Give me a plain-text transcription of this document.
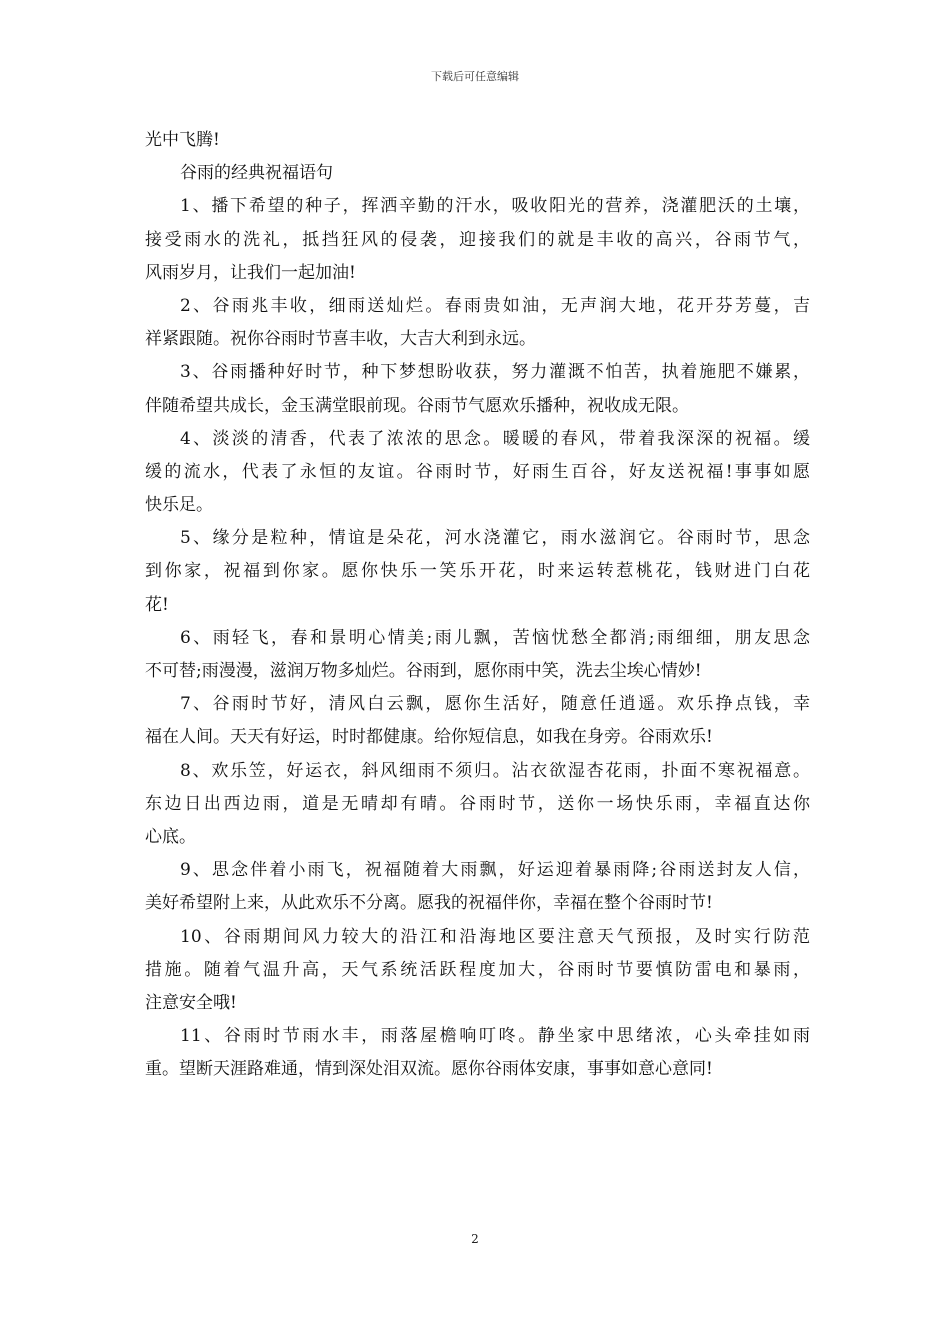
下载后可任意编辑
光中飞腾!
谷雨的经典祝福语句
1、播下希望的种子，挥洒辛勤的汗水，吸收阳光的营养，浇灌肥沃的土壤，
接受雨水的洗礼，抵挡狂风的侵袭，迎接我们的就是丰收的高兴，谷雨节气，
风雨岁月，让我们一起加油!
2、谷雨兆丰收，细雨送灿烂。春雨贵如油，无声润大地，花开芬芳蔓，吉
祥紧跟随。祝你谷雨时节喜丰收，大吉大利到永远。
3、谷雨播种好时节，种下梦想盼收获，努力灌溉不怕苦，执着施肥不嫌累，
伴随希望共成长，金玉满堂眼前现。谷雨节气愿欢乐播种，祝收成无限。
4、淡淡的清香，代表了浓浓的思念。暖暖的春风，带着我深深的祝福。缓
缓的流水，代表了永恒的友谊。谷雨时节，好雨生百谷，好友送祝福!事事如愿
快乐足。
5、缘分是粒种，情谊是朵花，河水浇灌它，雨水滋润它。谷雨时节，思念
到你家，祝福到你家。愿你快乐一笑乐开花，时来运转惹桃花，钱财进门白花
花!
6、雨轻飞，春和景明心情美;雨儿飘，苦恼忧愁全都消;雨细细，朋友思念
不可替;雨漫漫，滋润万物多灿烂。谷雨到，愿你雨中笑，洗去尘埃心情妙!
7、谷雨时节好，清风白云飘，愿你生活好，随意任逍遥。欢乐挣点钱，幸
福在人间。天天有好运，时时都健康。给你短信息，如我在身旁。谷雨欢乐!
8、欢乐笠，好运衣，斜风细雨不须归。沾衣欲湿杏花雨，扑面不寒祝福意。
东边日出西边雨，道是无晴却有晴。谷雨时节，送你一场快乐雨，幸福直达你
心底。
9、思念伴着小雨飞，祝福随着大雨飘，好运迎着暴雨降;谷雨送封友人信，
美好希望附上来，从此欢乐不分离。愿我的祝福伴你，幸福在整个谷雨时节!
10、谷雨期间风力较大的沿江和沿海地区要注意天气预报，及时实行防范
措施。随着气温升高，天气系统活跃程度加大，谷雨时节要慎防雷电和暴雨，
注意安全哦!
11、谷雨时节雨水丰，雨落屋檐响叮咚。静坐家中思绪浓，心头牵挂如雨
重。望断天涯路难通，情到深处泪双流。愿你谷雨体安康，事事如意心意同!
2
